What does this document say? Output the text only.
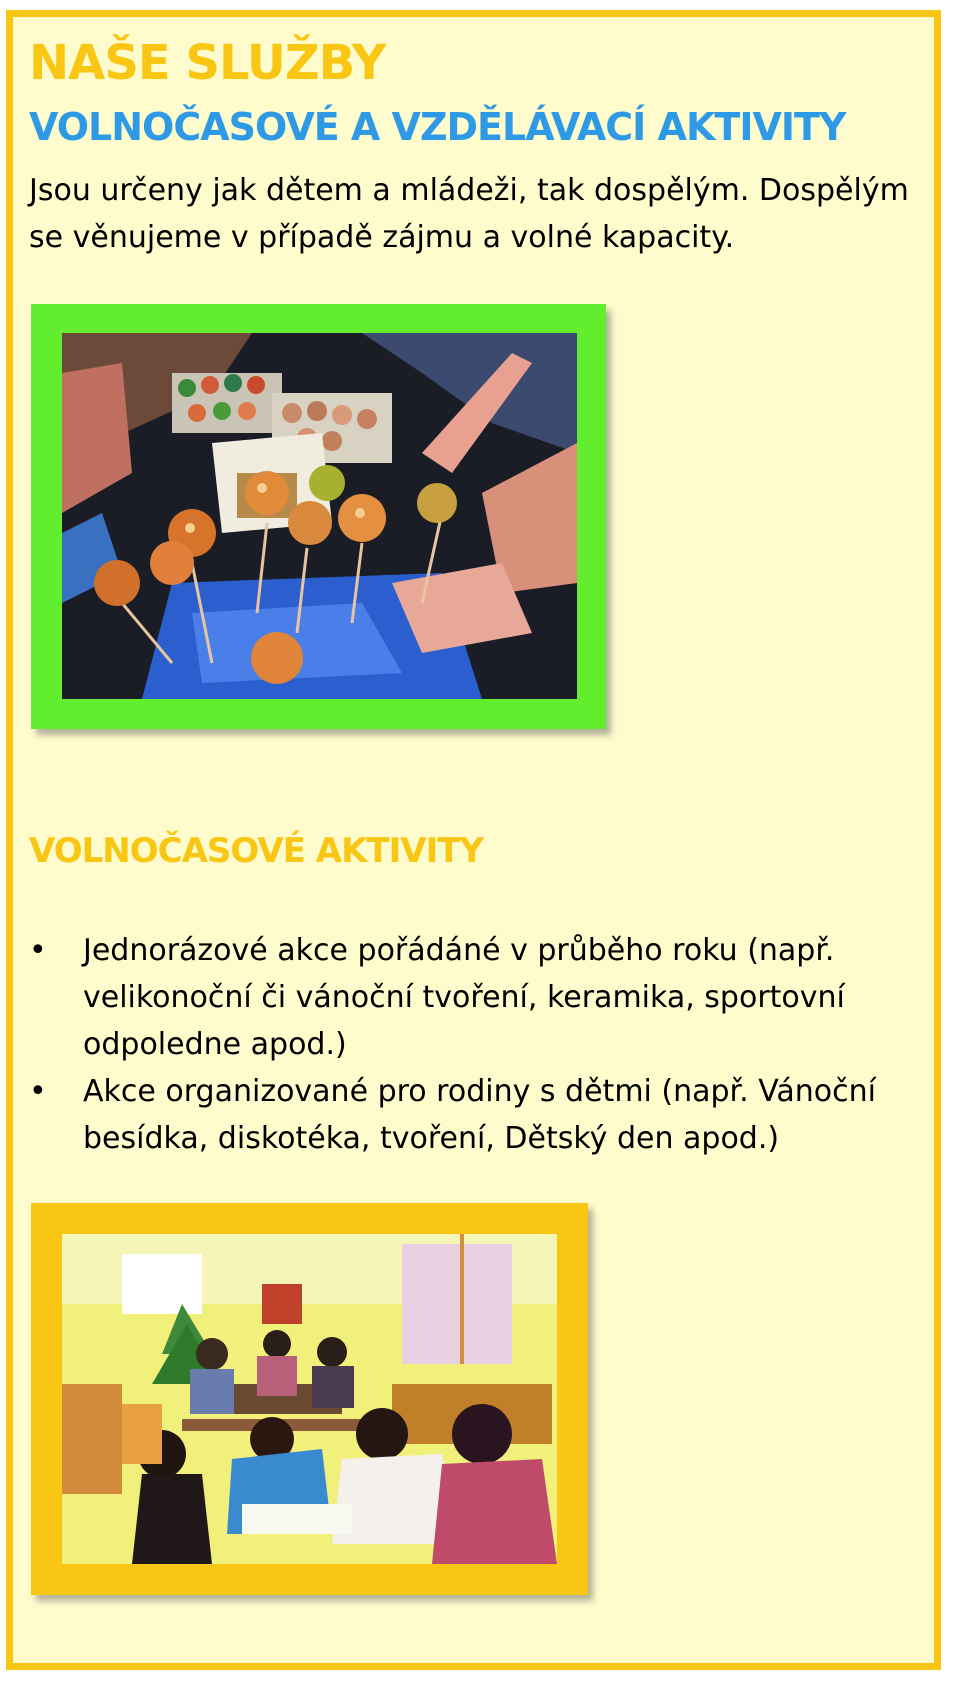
NAŠE SLUŽBY
VOLNOČASOVÉ A VZDĚLÁVACÍ AKTIVITY

Jsou určeny jak dětem a mládeži, tak dospělým. Dospělým se věnujeme v případě zájmu a volné kapacity.

VOLNOČASOVÉ AKTIVITY
• Jednorázové akce pořádáné v průběho roku (např. velikonoční či vánoční tvoření, keramika, sportovní odpoledne apod.)
• Akce organizované pro rodiny s dětmi (např. Vánoční besídka, diskotéka, tvoření, Dětský den apod.)
